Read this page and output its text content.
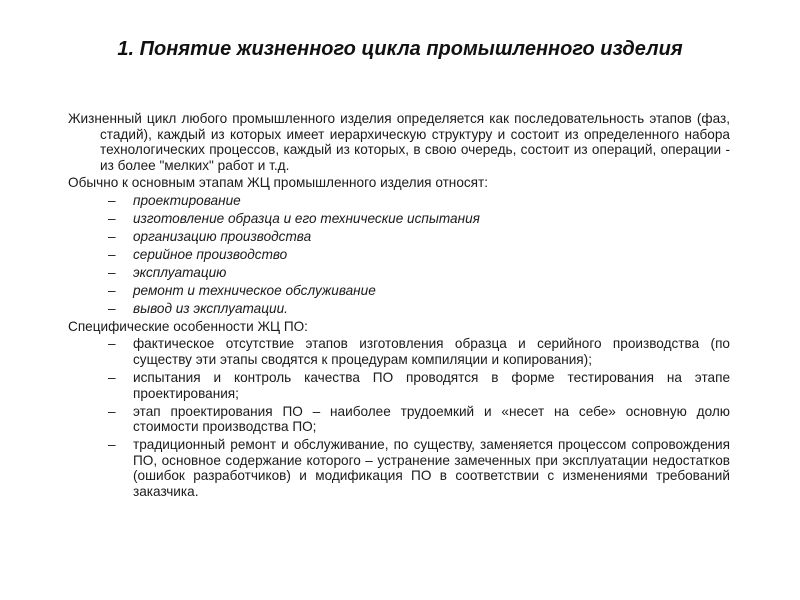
1. Понятие жизненного цикла промышленного изделия

Жизненный цикл любого промышленного изделия определяется как последовательность этапов (фаз, стадий), каждый из которых имеет иерархическую структуру и состоит из определенного набора технологических процессов, каждый из которых, в свою очередь, состоит из операций, операции - из более "мелких" работ и т.д.

Обычно к основным этапам ЖЦ промышленного изделия относят:

– проектирование
– изготовление образца и его технические испытания
– организацию производства
– серийное производство
– эксплуатацию
– ремонт и техническое обслуживание
– вывод из эксплуатации.

Специфические особенности ЖЦ ПО:

– фактическое отсутствие этапов изготовления образца и серийного производства (по существу эти этапы сводятся к процедурам компиляции и копирования);
– испытания и контроль качества ПО проводятся в форме тестирования на этапе проектирования;
– этап проектирования ПО – наиболее трудоемкий и «несет на себе» основную долю стоимости производства ПО;
– традиционный ремонт и обслуживание, по существу, заменяется процессом сопровождения ПО, основное содержание которого – устранение замеченных при эксплуатации недостатков (ошибок разработчиков) и модификация ПО в соответствии с изменениями требований заказчика.
